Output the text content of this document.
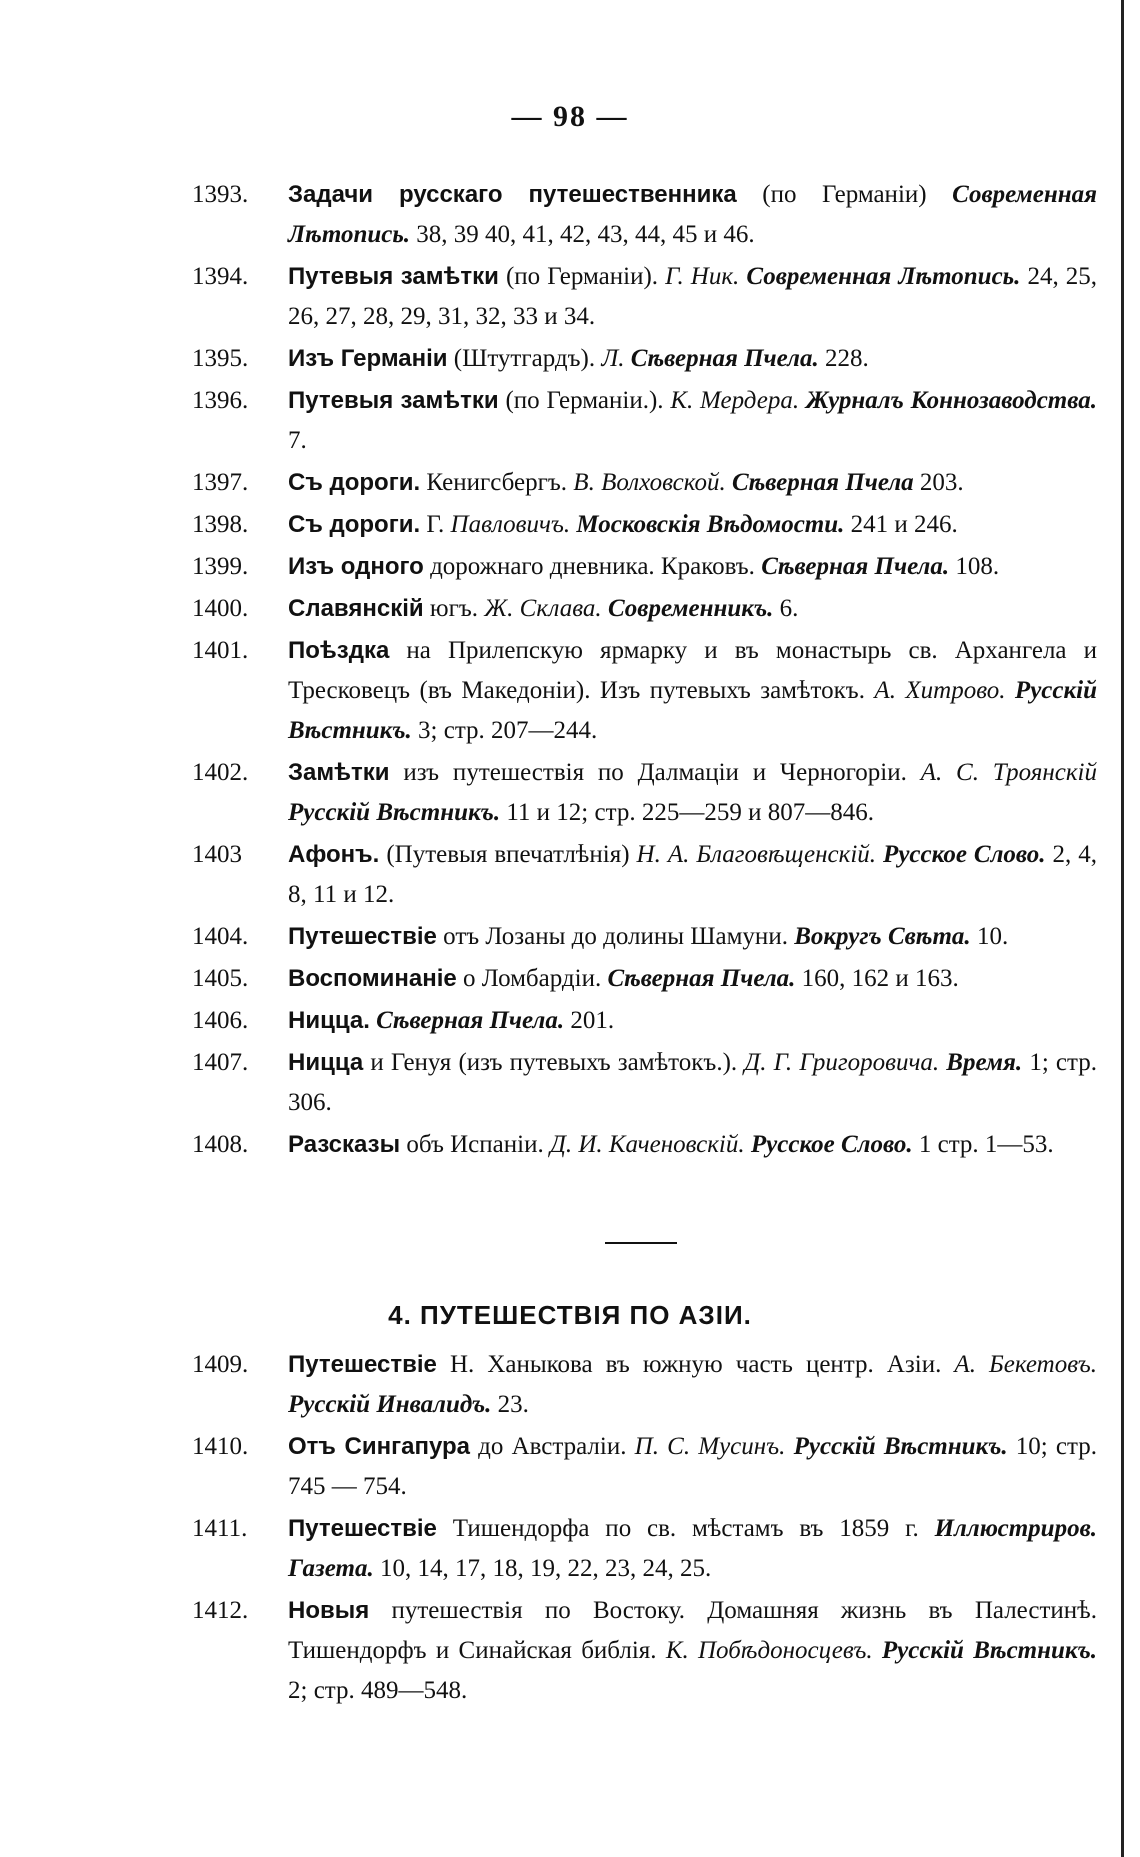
— 98 —
1393.	Задачи русскаго путешественника (по Германіи) Современная Лѣтопись. 38, 39 40, 41, 42, 43, 44, 45 и 46.
1394.	Путевыя замѣтки (по Германіи). Г. Ник. Современная Лѣтопись. 24, 25, 26, 27, 28, 29, 31, 32, 33 и 34.
1395.	Изъ Германіи (Штутгардъ). Л. Сѣверная Пчела. 228.
1396.	Путевыя замѣтки (по Германіи.). К. Мердера. Журналъ Коннозаводства. 7.
1397.	Съ дороги. Кенигсбергъ. В. Волховской. Сѣверная Пчела 203.
1398.	Съ дороги. Г. Павловичъ. Московскія Вѣдомости. 241 и 246.
1399.	Изъ одного дорожнаго дневника. Краковъ. Сѣверная Пчела. 108.
1400.	Славянскій югъ. Ж. Склава. Современникъ. 6.
1401.	Поѣздка на Прилепскую ярмарку и въ монастырь св. Архангела и Тресковецъ (въ Македоніи). Изъ путевыхъ замѣтокъ. А. Хитрово. Русскій Вѣстникъ. 3; стр. 207—244.
1402.	Замѣтки изъ путешествія по Далмаціи и Черногоріи. А. С. Троянскій Русскій Вѣстникъ. 11 и 12; стр. 225—259 и 807—846.
1403	Афонъ. (Путевыя впечатлѣнія) Н. А. Благовѣщенскій. Русское Слово. 2, 4, 8, 11 и 12.
1404.	Путешествіе отъ Лозаны до долины Шамуни. Вокругъ Свѣта. 10.
1405.	Воспоминаніе о Ломбардіи. Сѣверная Пчела. 160, 162 и 163.
1406.	Ницца. Сѣверная Пчела. 201.
1407.	Ницца и Генуя (изъ путевыхъ замѣтокъ.). Д. Г. Григоровича. Время. 1; стр. 306.
1408.	Разсказы объ Испаніи. Д. И. Каченовскій. Русское Слово. 1 стр. 1—53.
4. ПУТЕШЕСТВІЯ ПО АЗІИ.
1409.	Путешествіе Н. Ханыкова въ южную часть центр. Азіи. А. Бекетовъ. Русскій Инвалидъ. 23.
1410.	Отъ Сингапура до Австраліи. П. С. Мусинъ. Русскій Вѣстникъ. 10; стр. 745 — 754.
1411.	Путешествіе Тишендорфа по св. мѣстамъ въ 1859 г. Иллюстриров. Газета. 10, 14, 17, 18, 19, 22, 23, 24, 25.
1412.	Новыя путешествія по Востоку. Домашняя жизнь въ Палестинѣ. Тишендорфъ и Синайская библія. К. Побѣдоносцевъ. Русскій Вѣстникъ. 2; стр. 489—548.
